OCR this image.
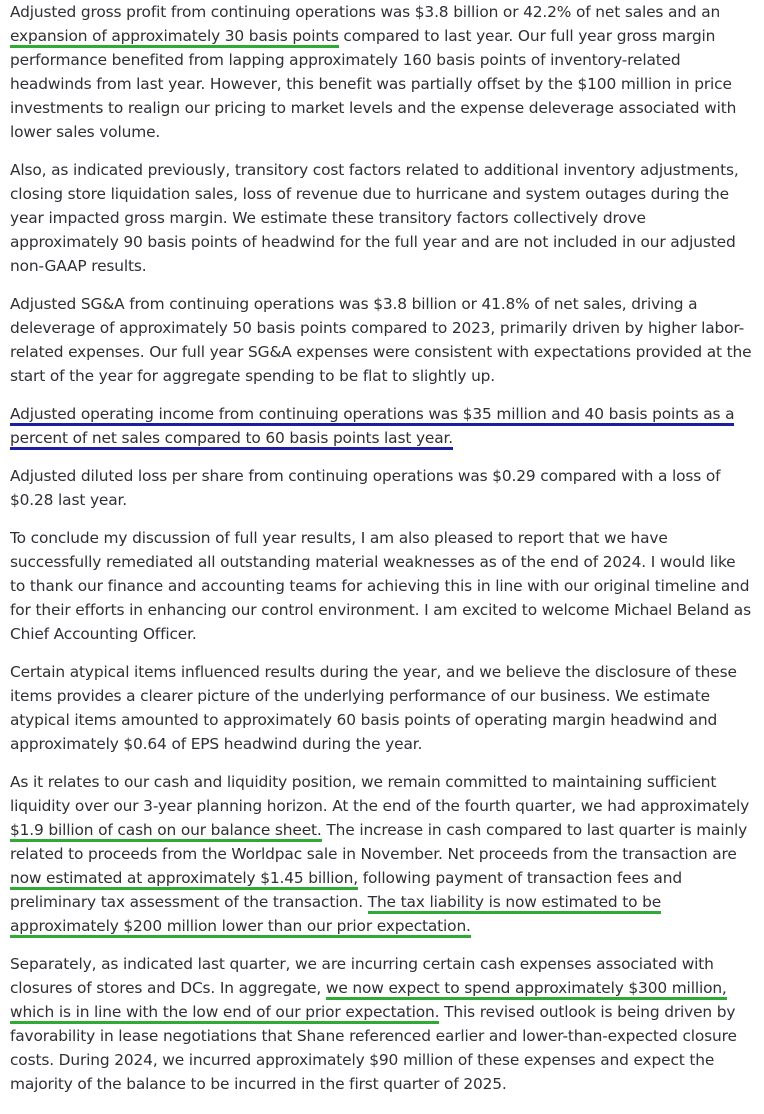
Adjusted gross profit from continuing operations was $3.8 billion or 42.2% of net sales and an expansion of approximately 30 basis points compared to last year. Our full year gross margin performance benefited from lapping approximately 160 basis points of inventory-related headwinds from last year. However, this benefit was partially offset by the $100 million in price investments to realign our pricing to market levels and the expense deleverage associated with lower sales volume.

Also, as indicated previously, transitory cost factors related to additional inventory adjustments, closing store liquidation sales, loss of revenue due to hurricane and system outages during the year impacted gross margin. We estimate these transitory factors collectively drove approximately 90 basis points of headwind for the full year and are not included in our adjusted non-GAAP results.

Adjusted SG&A from continuing operations was $3.8 billion or 41.8% of net sales, driving a deleverage of approximately 50 basis points compared to 2023, primarily driven by higher labor-related expenses. Our full year SG&A expenses were consistent with expectations provided at the start of the year for aggregate spending to be flat to slightly up.

Adjusted operating income from continuing operations was $35 million and 40 basis points as a percent of net sales compared to 60 basis points last year.

Adjusted diluted loss per share from continuing operations was $0.29 compared with a loss of $0.28 last year.

To conclude my discussion of full year results, I am also pleased to report that we have successfully remediated all outstanding material weaknesses as of the end of 2024. I would like to thank our finance and accounting teams for achieving this in line with our original timeline and for their efforts in enhancing our control environment. I am excited to welcome Michael Beland as Chief Accounting Officer.

Certain atypical items influenced results during the year, and we believe the disclosure of these items provides a clearer picture of the underlying performance of our business. We estimate atypical items amounted to approximately 60 basis points of operating margin headwind and approximately $0.64 of EPS headwind during the year.

As it relates to our cash and liquidity position, we remain committed to maintaining sufficient liquidity over our 3-year planning horizon. At the end of the fourth quarter, we had approximately $1.9 billion of cash on our balance sheet. The increase in cash compared to last quarter is mainly related to proceeds from the Worldpac sale in November. Net proceeds from the transaction are now estimated at approximately $1.45 billion, following payment of transaction fees and preliminary tax assessment of the transaction. The tax liability is now estimated to be approximately $200 million lower than our prior expectation.

Separately, as indicated last quarter, we are incurring certain cash expenses associated with closures of stores and DCs. In aggregate, we now expect to spend approximately $300 million, which is in line with the low end of our prior expectation. This revised outlook is being driven by favorability in lease negotiations that Shane referenced earlier and lower-than-expected closure costs. During 2024, we incurred approximately $90 million of these expenses and expect the majority of the balance to be incurred in the first quarter of 2025.
